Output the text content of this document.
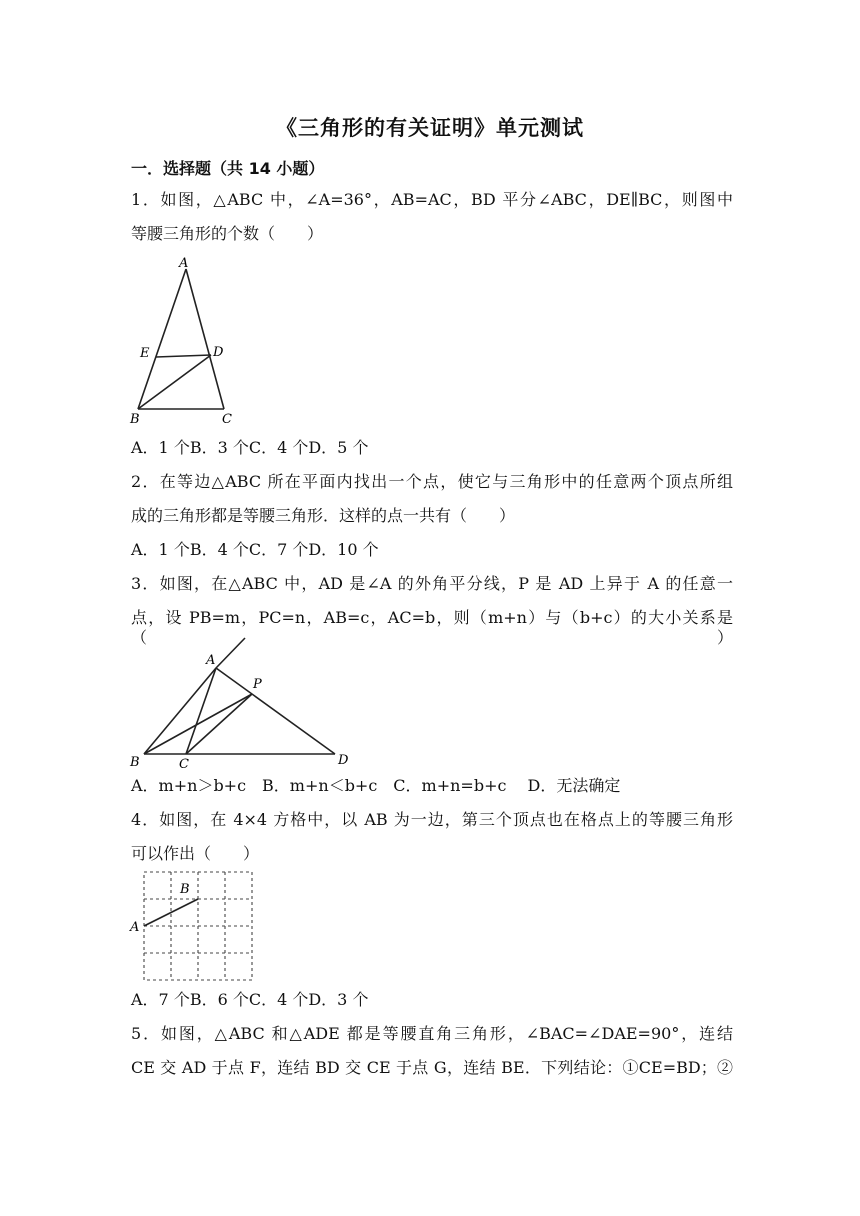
《三角形的有关证明》单元测试
一．选择题（共 14 小题）
1．如图，△ABC 中，∠A=36°，AB=AC，BD 平分∠ABC，DE∥BC，则图中
等腰三角形的个数（　　）
A
E	D
B	C
A．1 个B．3 个C．4 个D．5 个
2．在等边△ABC 所在平面内找出一个点，使它与三角形中的任意两个顶点所组
成的三角形都是等腰三角形．这样的点一共有（　　）
A．1 个B．4 个C．7 个D．10 个
3．如图，在△ABC 中，AD 是∠A 的外角平分线，P 是 AD 上异于 A 的任意一
点，设 PB=m，PC=n，AB=c，AC=b，则（m+n）与（b+c）的大小关系是（　　）
A
P
B	C	D
A．m+n＞b+c　B．m+n＜b+c　C．m+n=b+c　 D．无法确定
4．如图，在 4×4 方格中，以 AB 为一边，第三个顶点也在格点上的等腰三角形
可以作出（　　）
A
B
A．7 个B．6 个C．4 个D．3 个
5．如图，△ABC 和△ADE 都是等腰直角三角形，∠BAC=∠DAE=90°，连结
CE 交 AD 于点 F，连结 BD 交 CE 于点 G，连结 BE．下列结论：①CE=BD；②
